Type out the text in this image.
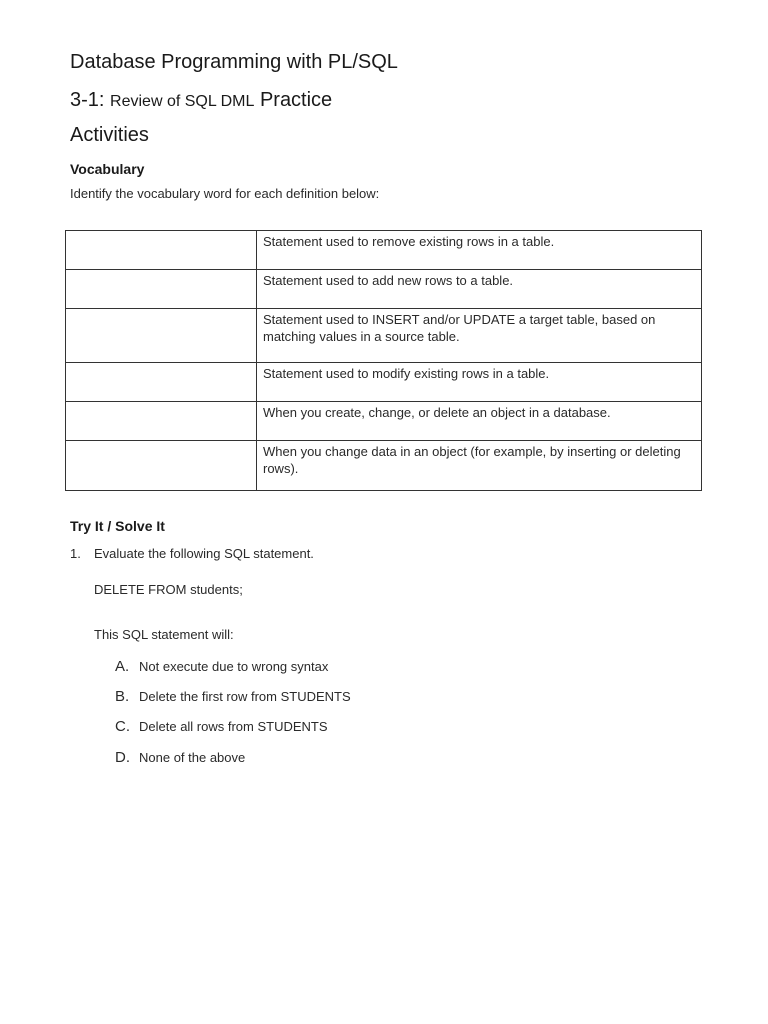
Database Programming with PL/SQL
3-1: Review of SQL DML Practice
Activities
Vocabulary
Identify the vocabulary word for each definition below:
	Statement used to remove existing rows in a table.
	Statement used to add new rows to a table.
	Statement used to INSERT and/or UPDATE a target table, based on matching values in a source table.
	Statement used to modify existing rows in a table.
	When you create, change, or delete an object in a database.
	When you change data in an object (for example, by inserting or deleting rows).
Try It / Solve It
1. Evaluate the following SQL statement.
DELETE FROM students;
This SQL statement will:
A. Not execute due to wrong syntax
B. Delete the first row from STUDENTS
C. Delete all rows from STUDENTS
D. None of the above
